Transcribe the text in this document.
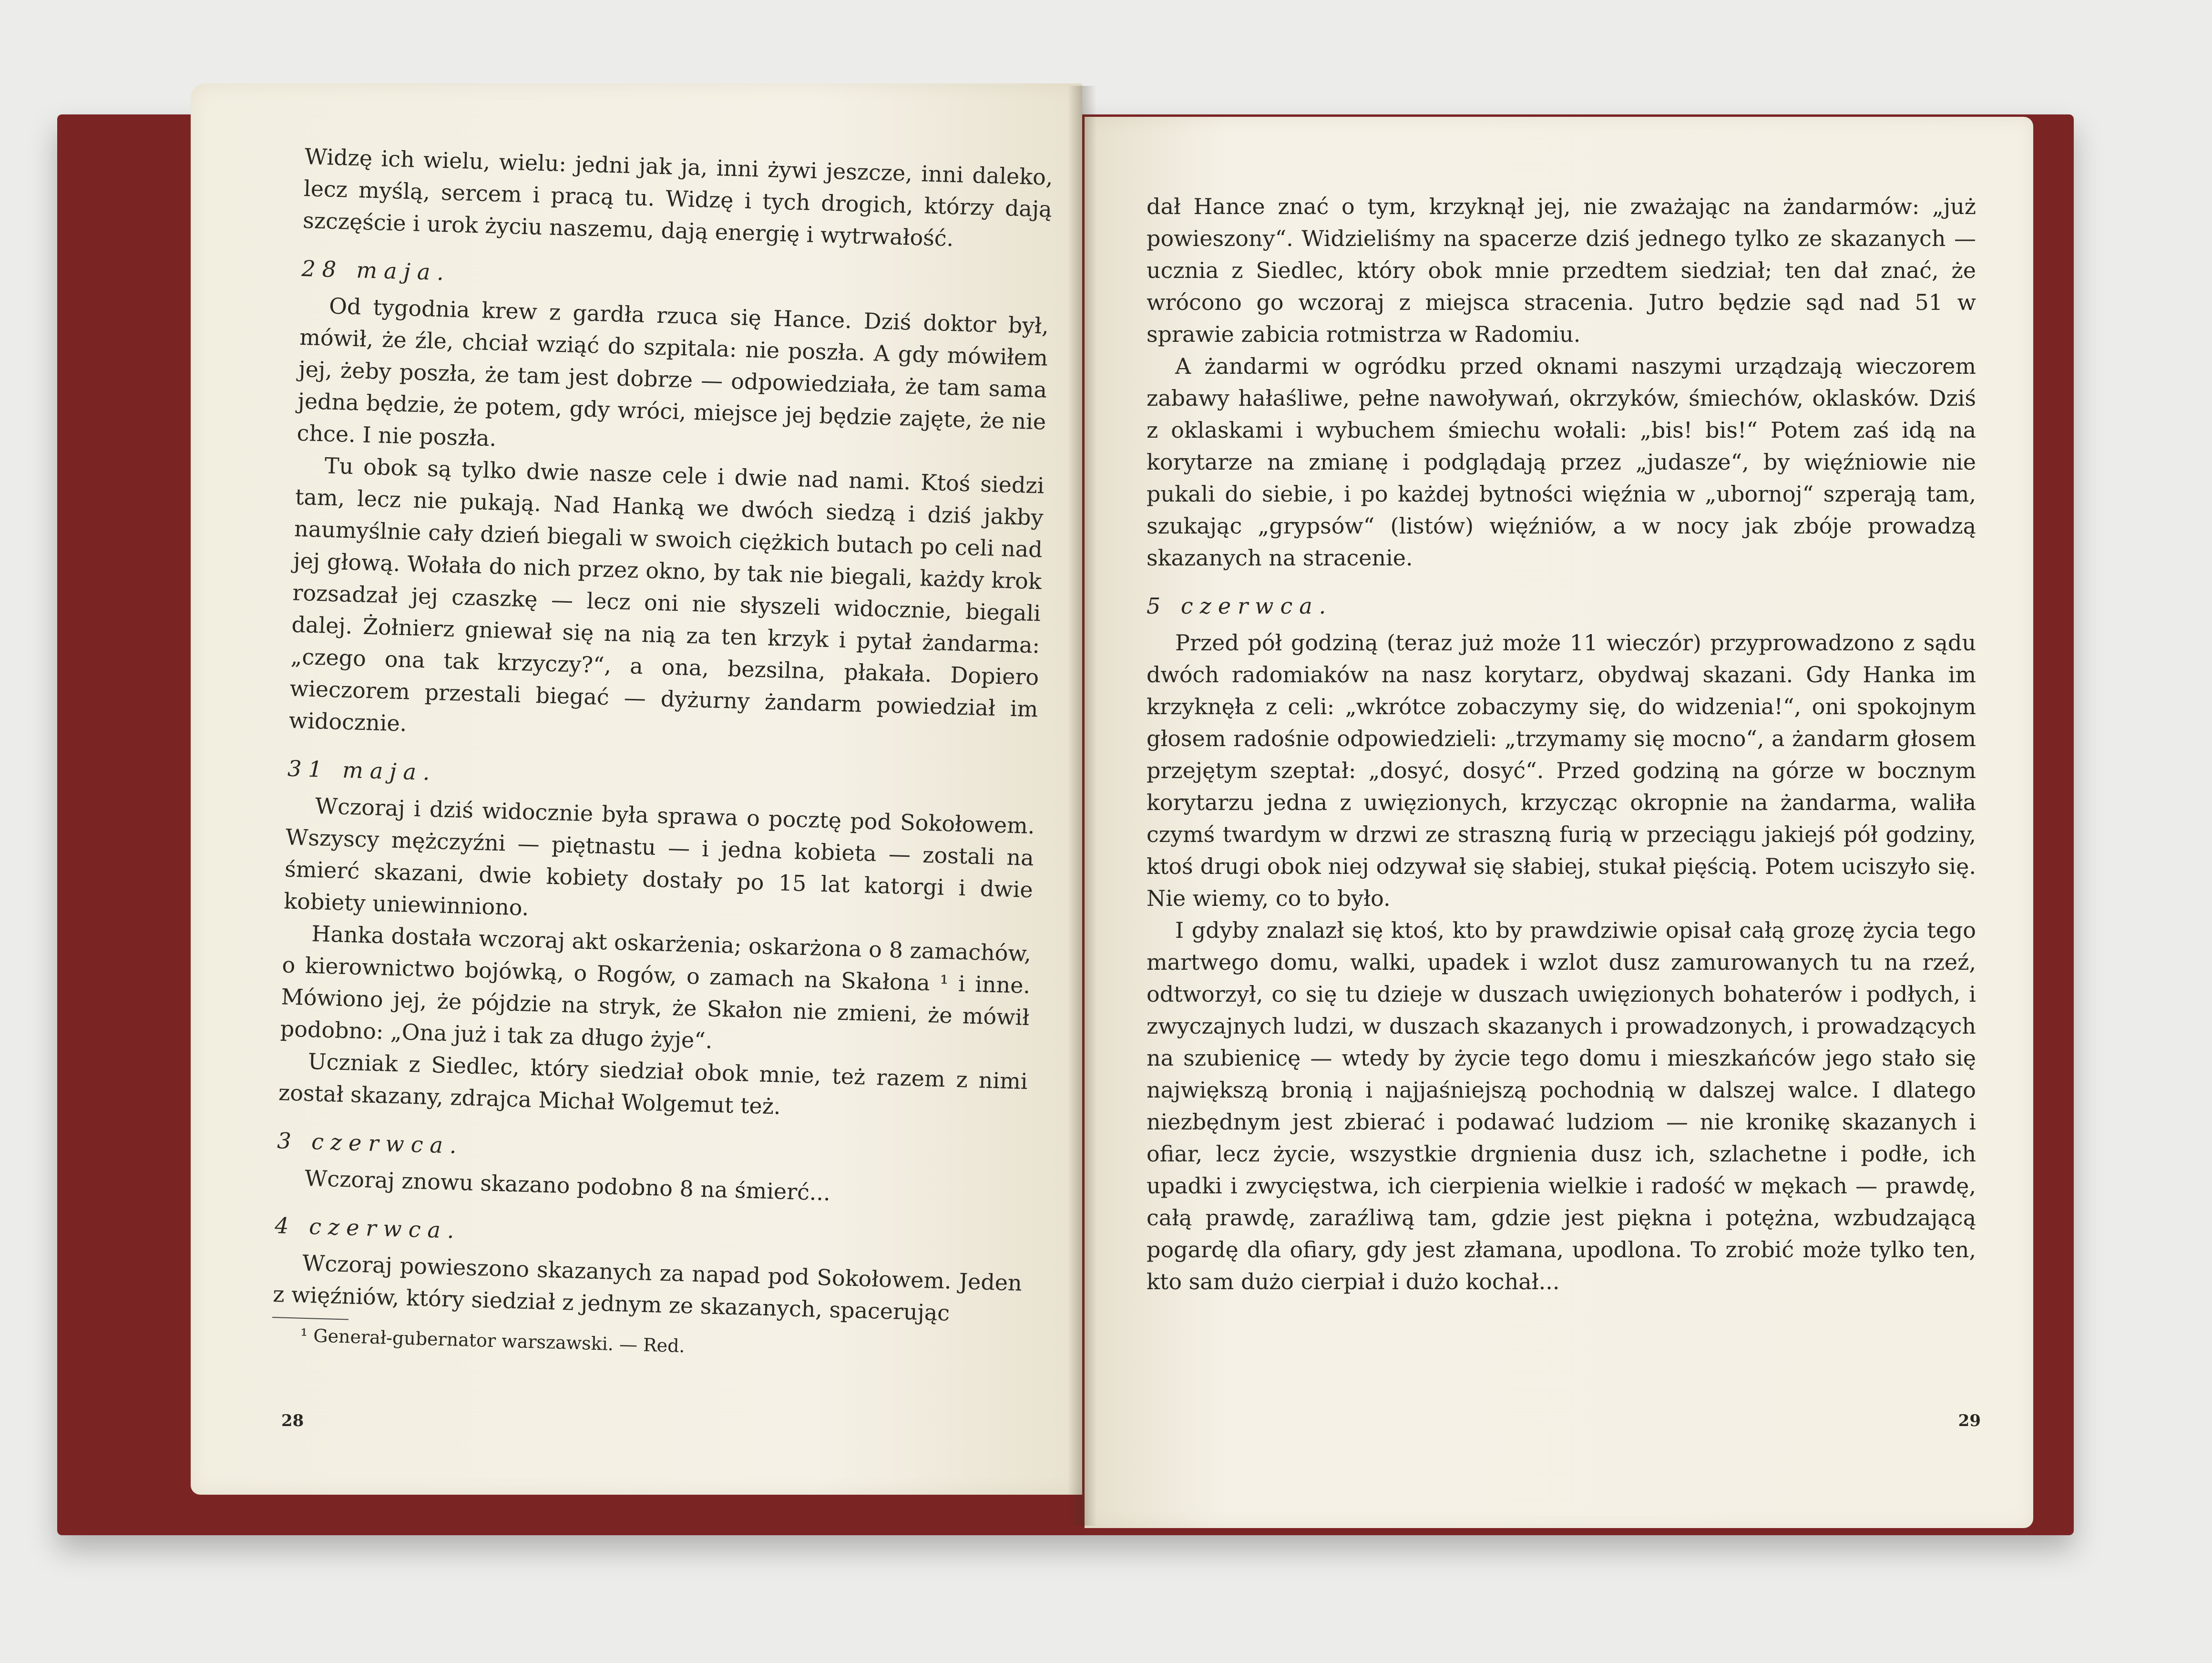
Widzę ich wielu, wielu: jedni jak ja, inni żywi jeszcze, inni daleko, lecz myślą, sercem i pracą tu. Widzę i tych drogich, którzy dają szczęście i urok życiu naszemu, dają energię i wytrwałość.

28 maja.

Od tygodnia krew z gardła rzuca się Hance. Dziś doktor był, mówił, że źle, chciał wziąć do szpitala: nie poszła. A gdy mówiłem jej, żeby poszła, że tam jest dobrze — odpowiedziała, że tam sama jedna będzie, że potem, gdy wróci, miejsce jej będzie zajęte, że nie chce. I nie poszła.

Tu obok są tylko dwie nasze cele i dwie nad nami. Ktoś siedzi tam, lecz nie pukają. Nad Hanką we dwóch siedzą i dziś jakby naumyślnie cały dzień biegali w swoich ciężkich butach po celi nad jej głową. Wołała do nich przez okno, by tak nie biegali, każdy krok rozsadzał jej czaszkę — lecz oni nie słyszeli widocznie, biegali dalej. Żołnierz gniewał się na nią za ten krzyk i pytał żandarma: „czego ona tak krzyczy?“, a ona, bezsilna, płakała. Dopiero wieczorem przestali biegać — dyżurny żandarm powiedział im widocznie.

31 maja.

Wczoraj i dziś widocznie była sprawa o pocztę pod Sokołowem. Wszyscy mężczyźni — piętnastu — i jedna kobieta — zostali na śmierć skazani, dwie kobiety dostały po 15 lat katorgi i dwie kobiety uniewinniono.

Hanka dostała wczoraj akt oskarżenia; oskarżona o 8 zamachów, o kierownictwo bojówką, o Rogów, o zamach na Skałona ¹ i inne. Mówiono jej, że pójdzie na stryk, że Skałon nie zmieni, że mówił podobno: „Ona już i tak za długo żyje“.

Uczniak z Siedlec, który siedział obok mnie, też razem z nimi został skazany, zdrajca Michał Wolgemut też.

3 czerwca.

Wczoraj znowu skazano podobno 8 na śmierć...

4 czerwca.

Wczoraj powieszono skazanych za napad pod Sokołowem. Jeden z więźniów, który siedział z jednym ze skazanych, spacerując

¹ Generał-gubernator warszawski. — Red.

28

dał Hance znać o tym, krzyknął jej, nie zważając na żandarmów: „już powieszony“. Widzieliśmy na spacerze dziś jednego tylko ze skazanych — ucznia z Siedlec, który obok mnie przedtem siedział; ten dał znać, że wrócono go wczoraj z miejsca stracenia. Jutro będzie sąd nad 51 w sprawie zabicia rotmistrza w Radomiu.

A żandarmi w ogródku przed oknami naszymi urządzają wieczorem zabawy hałaśliwe, pełne nawoływań, okrzyków, śmiechów, oklasków. Dziś z oklaskami i wybuchem śmiechu wołali: „bis! bis!“ Potem zaś idą na korytarze na zmianę i podglądają przez „judasze“, by więźniowie nie pukali do siebie, i po każdej bytności więźnia w „ubornoj“ szperają tam, szukając „grypsów“ (listów) więźniów, a w nocy jak zbóje prowadzą skazanych na stracenie.

5 czerwca.

Przed pół godziną (teraz już może 11 wieczór) przyprowadzono z sądu dwóch radomiaków na nasz korytarz, obydwaj skazani. Gdy Hanka im krzyknęła z celi: „wkrótce zobaczymy się, do widzenia!“, oni spokojnym głosem radośnie odpowiedzieli: „trzymamy się mocno“, a żandarm głosem przejętym szeptał: „dosyć, dosyć“. Przed godziną na górze w bocznym korytarzu jedna z uwięzionych, krzycząc okropnie na żandarma, waliła czymś twardym w drzwi ze straszną furią w przeciągu jakiejś pół godziny, ktoś drugi obok niej odzywał się słabiej, stukał pięścią. Potem uciszyło się. Nie wiemy, co to było.

I gdyby znalazł się ktoś, kto by prawdziwie opisał całą grozę życia tego martwego domu, walki, upadek i wzlot dusz zamurowanych tu na rzeź, odtworzył, co się tu dzieje w duszach uwięzionych bohaterów i podłych, i zwyczajnych ludzi, w duszach skazanych i prowadzonych, i prowadzących na szubienicę — wtedy by życie tego domu i mieszkańców jego stało się największą bronią i najjaśniejszą pochodnią w dalszej walce. I dlatego niezbędnym jest zbierać i podawać ludziom — nie kronikę skazanych i ofiar, lecz życie, wszystkie drgnienia dusz ich, szlachetne i podłe, ich upadki i zwycięstwa, ich cierpienia wielkie i radość w mękach — prawdę, całą prawdę, zaraźliwą tam, gdzie jest piękna i potężna, wzbudzającą pogardę dla ofiary, gdy jest złamana, upodlona. To zrobić może tylko ten, kto sam dużo cierpiał i dużo kochał...

29
